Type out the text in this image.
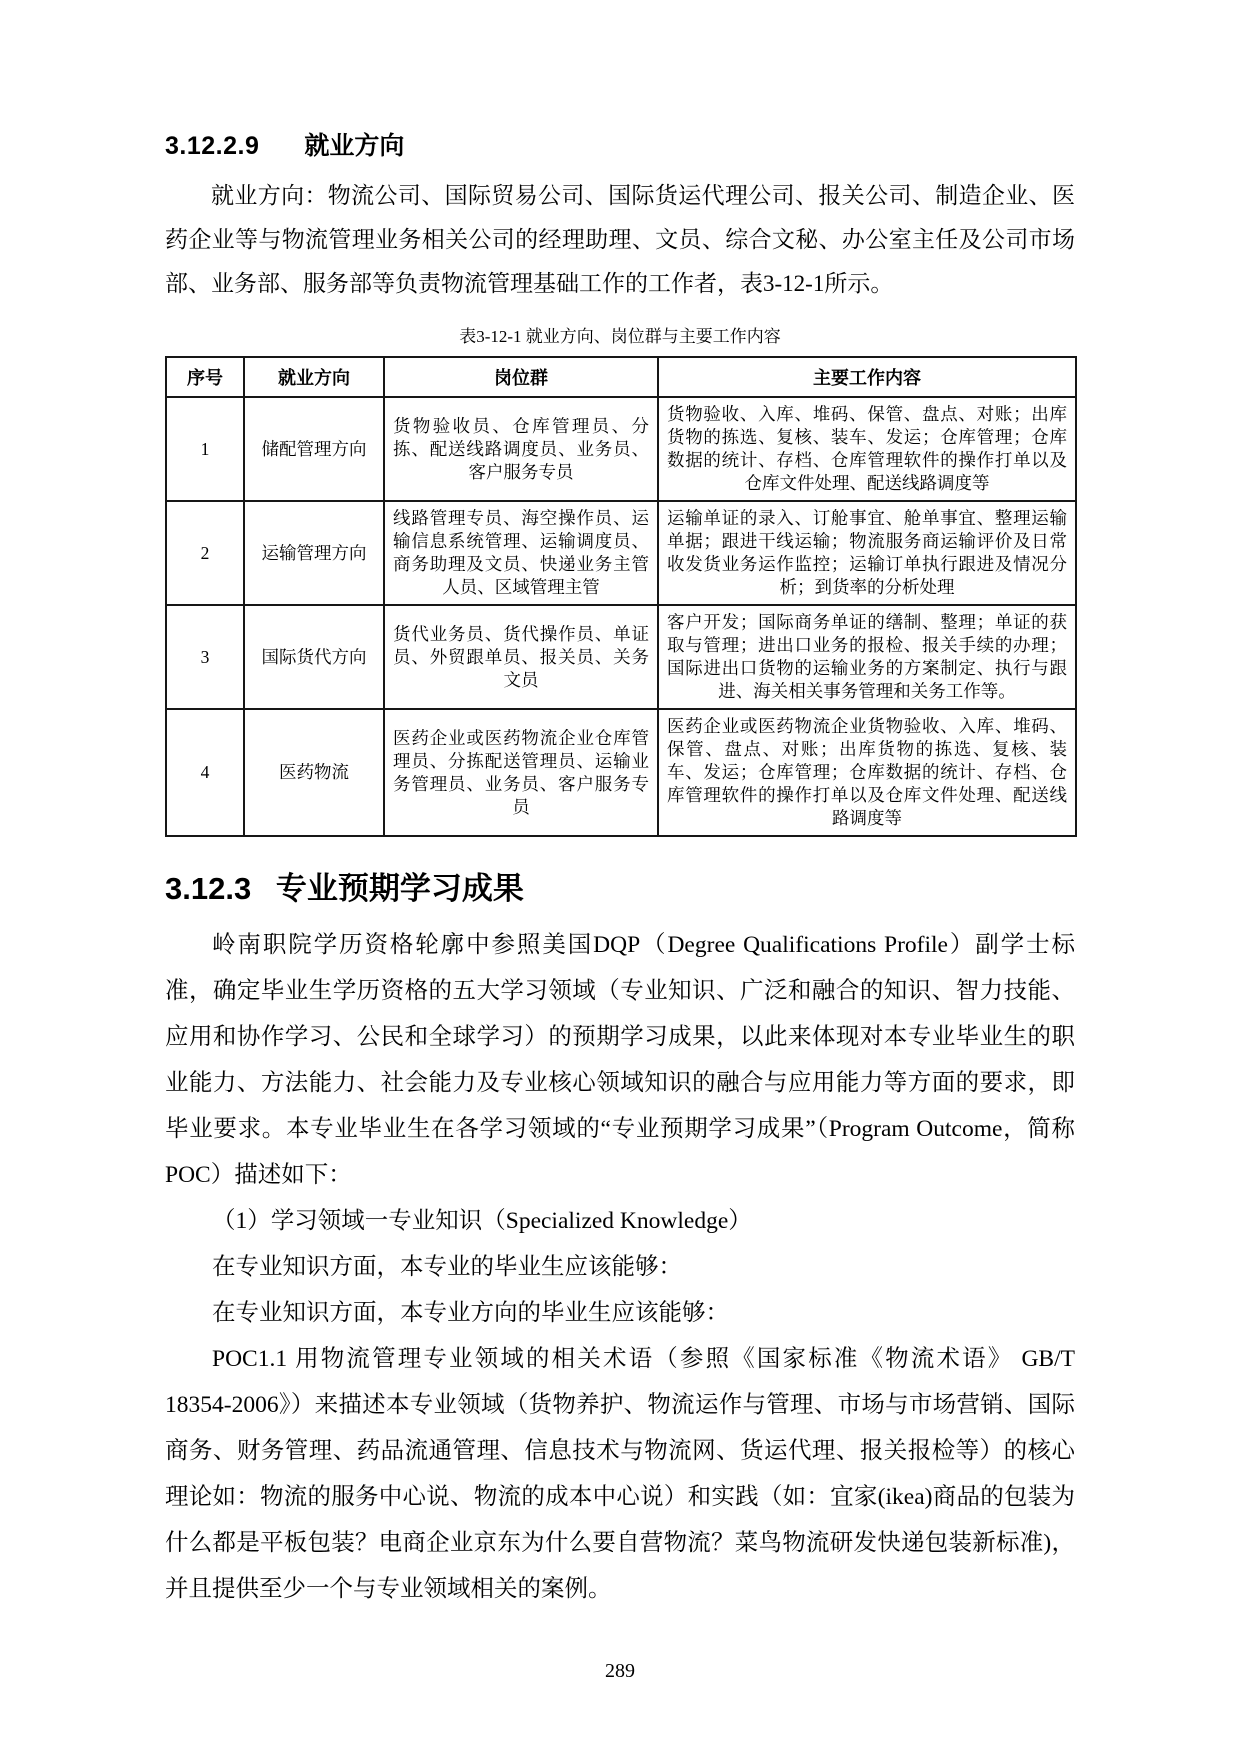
3.12.2.9 就业方向

就业方向：物流公司、国际贸易公司、国际货运代理公司、报关公司、制造企业、医药企业等与物流管理业务相关公司的经理助理、文员、综合文秘、办公室主任及公司市场部、业务部、服务部等负责物流管理基础工作的工作者，表3-12-1所示。

表3-12-1 就业方向、岗位群与主要工作内容
序号	就业方向	岗位群	主要工作内容
1	储配管理方向	货物验收员、仓库管理员、分拣、配送线路调度员、业务员、客户服务专员	货物验收、入库、堆码、保管、盘点、对账；出库货物的拣选、复核、装车、发运；仓库管理；仓库数据的统计、存档、仓库管理软件的操作打单以及仓库文件处理、配送线路调度等
2	运输管理方向	线路管理专员、海空操作员、运输信息系统管理、运输调度员、商务助理及文员、快递业务主管人员、区域管理主管	运输单证的录入、订舱事宜、舱单事宜、整理运输单据；跟进干线运输；物流服务商运输评价及日常收发货业务运作监控；运输订单执行跟进及情况分析；到货率的分析处理
3	国际货代方向	货代业务员、货代操作员、单证员、外贸跟单员、报关员、关务文员	客户开发；国际商务单证的缮制、整理；单证的获取与管理；进出口业务的报检、报关手续的办理；国际进出口货物的运输业务的方案制定、执行与跟进、海关相关事务管理和关务工作等。
4	医药物流	医药企业或医药物流企业仓库管理员、分拣配送管理员、运输业务管理员、业务员、客户服务专员	医药企业或医药物流企业货物验收、入库、堆码、保管、盘点、对账；出库货物的拣选、复核、装车、发运；仓库管理；仓库数据的统计、存档、仓库管理软件的操作打单以及仓库文件处理、配送线路调度等
3.12.3 专业预期学习成果

岭南职院学历资格轮廓中参照美国DQP（Degree Qualifications Profile）副学士标准，确定毕业生学历资格的五大学习领域（专业知识、广泛和融合的知识、智力技能、应用和协作学习、公民和全球学习）的预期学习成果，以此来体现对本专业毕业生的职业能力、方法能力、社会能力及专业核心领域知识的融合与应用能力等方面的要求，即毕业要求。本专业毕业生在各学习领域的“专业预期学习成果”（Program Outcome，简称POC）描述如下：

（1）学习领域一专业知识（Specialized Knowledge）

在专业知识方面，本专业的毕业生应该能够：

在专业知识方面，本专业方向的毕业生应该能够：

POC1.1 用物流管理专业领域的相关术语（参照《国家标准《物流术语》 GB/T 18354-2006》）来描述本专业领域（货物养护、物流运作与管理、市场与市场营销、国际商务、财务管理、药品流通管理、信息技术与物流网、货运代理、报关报检等）的核心理论如：物流的服务中心说、物流的成本中心说）和实践（如：宜家(ikea)商品的包装为什么都是平板包装？电商企业京东为什么要自营物流？菜鸟物流研发快递包装新标准)，并且提供至少一个与专业领域相关的案例。

289
